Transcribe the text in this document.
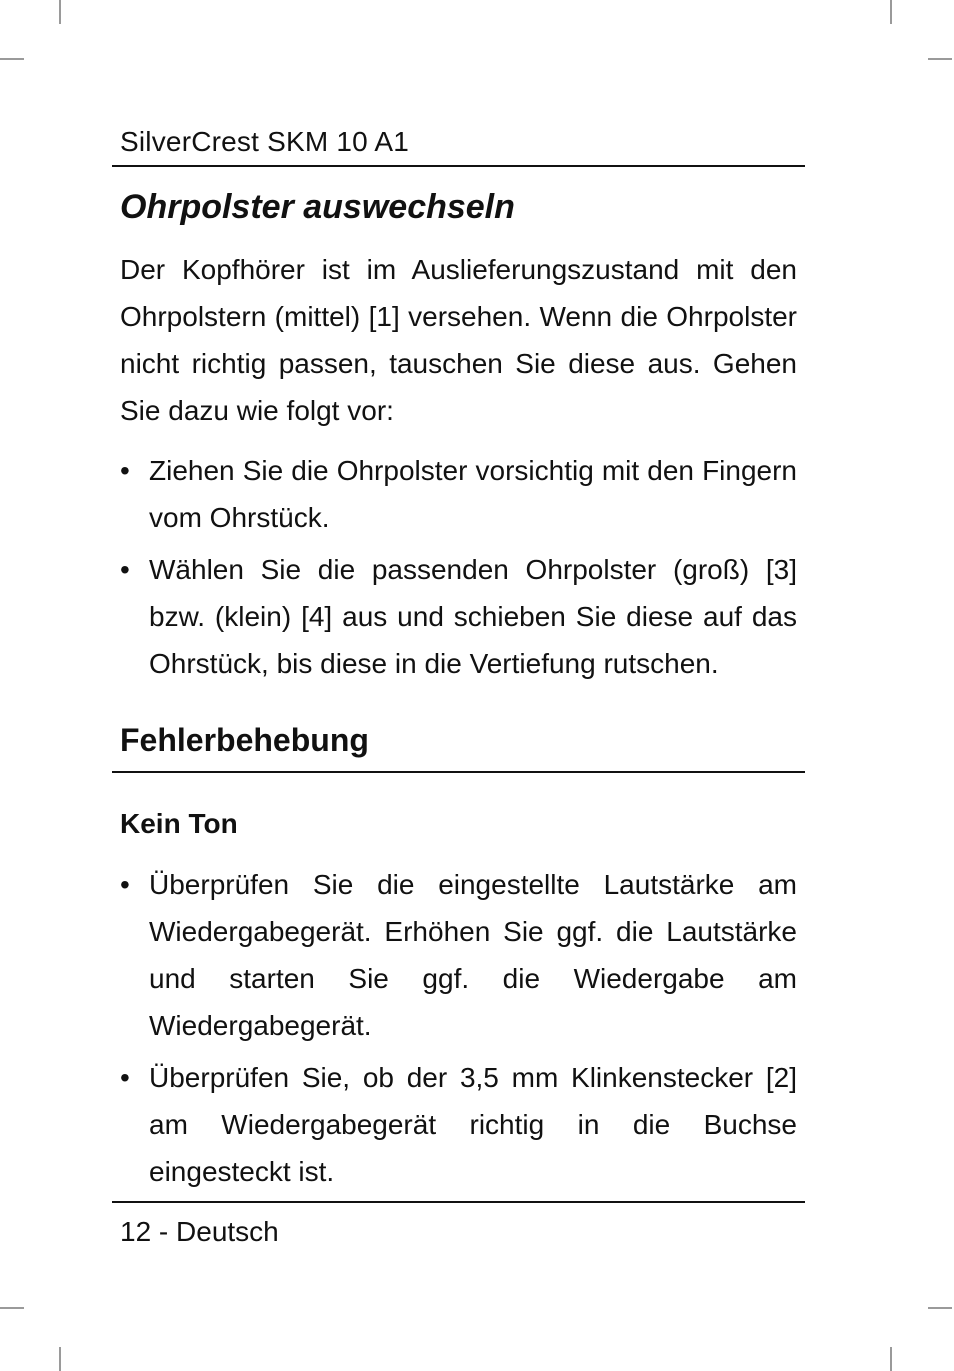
SilverCrest SKM 10 A1
Ohrpolster auswechseln

Der Kopfhörer ist im Auslieferungszustand mit den Ohrpolstern (mittel) [1] versehen. Wenn die Ohrpolster nicht richtig passen, tauschen Sie diese aus. Gehen Sie dazu wie folgt vor:

• Ziehen Sie die Ohrpolster vorsichtig mit den Fingern vom Ohrstück.
• Wählen Sie die passenden Ohrpolster (groß) [3] bzw. (klein) [4] aus und schieben Sie diese auf das Ohrstück, bis diese in die Vertiefung rutschen.
Fehlerbehebung
Kein Ton
• Überprüfen Sie die eingestellte Lautstärke am Wiedergabegerät. Erhöhen Sie ggf. die Lautstärke und starten Sie ggf. die Wiedergabe am Wiedergabegerät.
• Überprüfen Sie, ob der 3,5 mm Klinkenstecker [2] am Wiedergabegerät richtig in die Buchse eingesteckt ist.
12 - Deutsch
